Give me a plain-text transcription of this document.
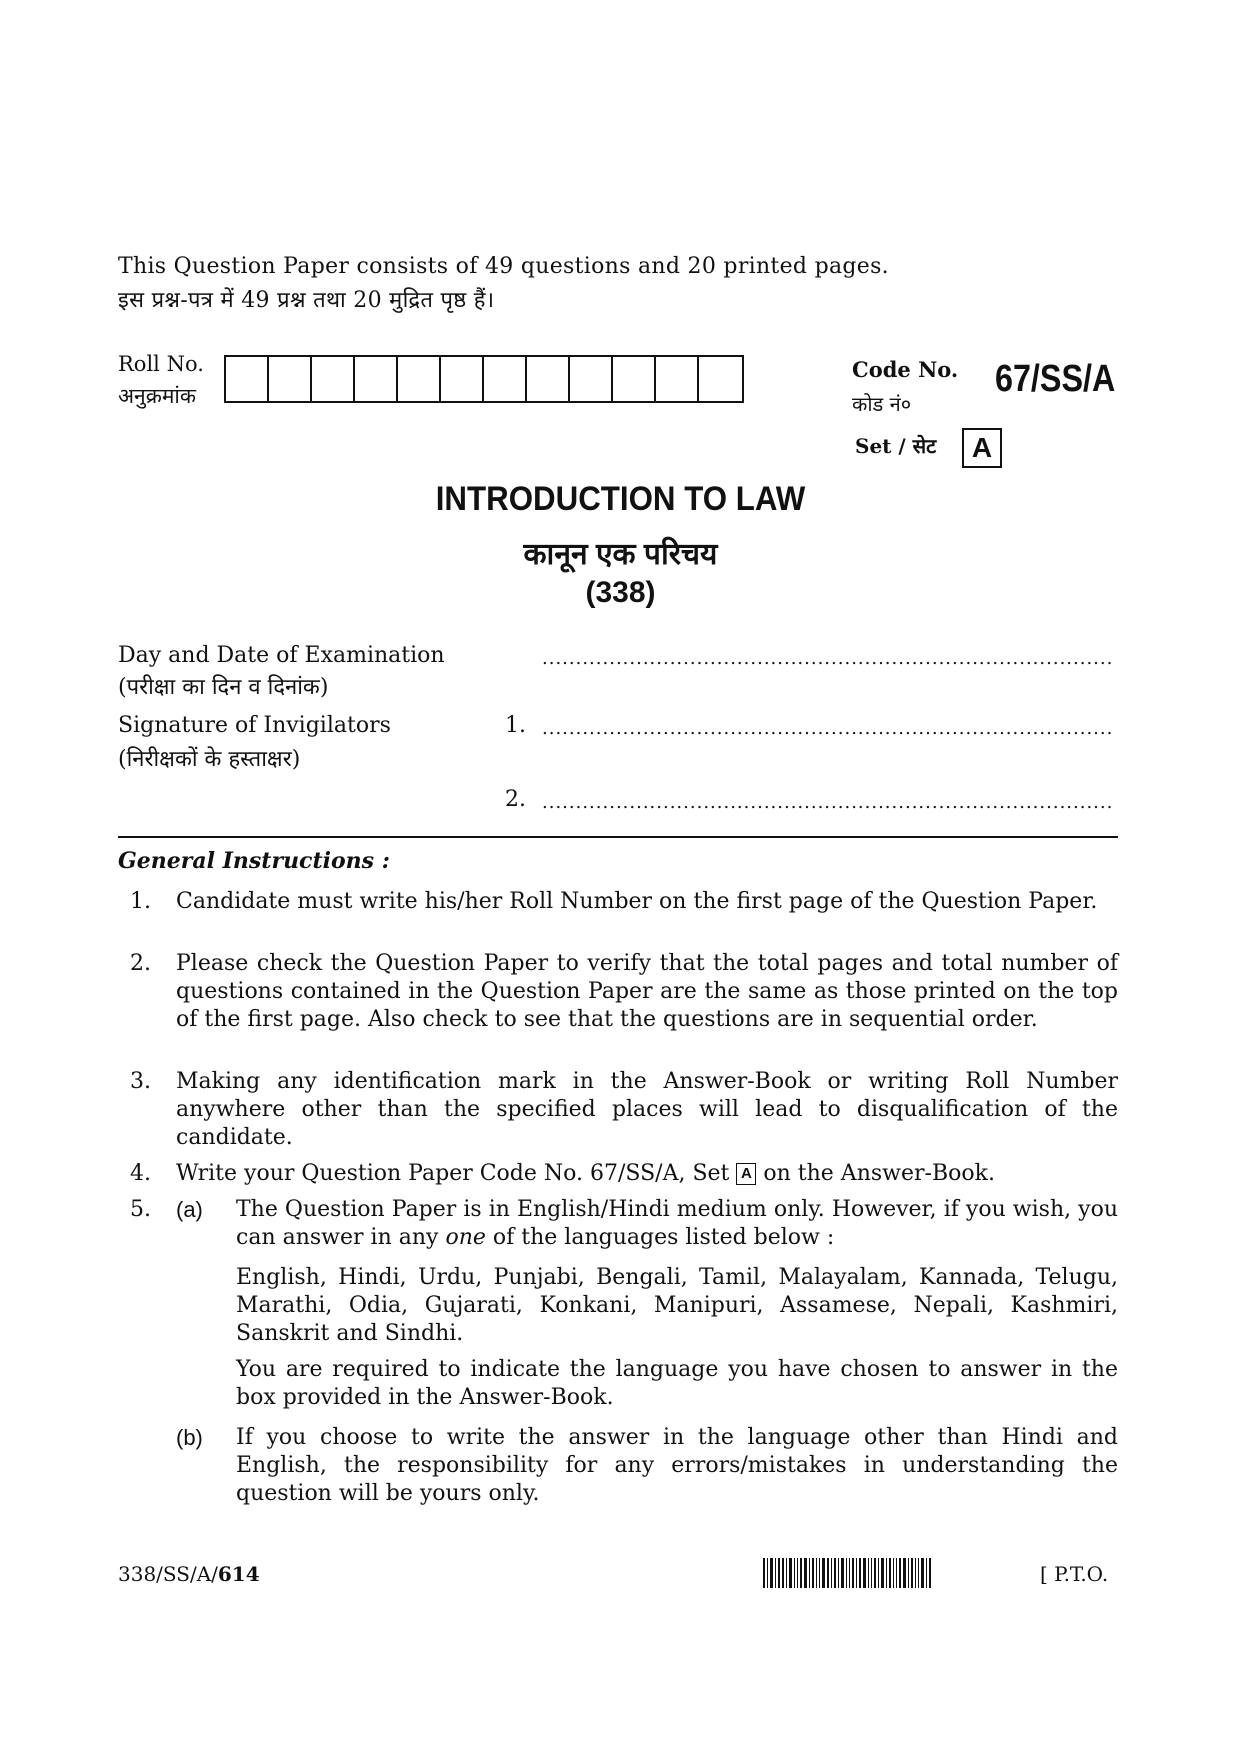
This Question Paper consists of 49 questions and 20 printed pages.
इस प्रश्न-पत्र में 49 प्रश्न तथा 20 मुद्रित पृष्ठ हैं।
Roll No.
अनुक्रमांक
Code No.
कोड नं०
67/SS/A
Set / सेट A
INTRODUCTION TO LAW
कानून एक परिचय
(338)
Day and Date of Examination
(परीक्षा का दिन व दिनांक)
.....................................................................................
Signature of Invigilators
(निरीक्षकों के हस्ताक्षर)
1. .....................................................................................
2. .....................................................................................
General Instructions :
1. Candidate must write his/her Roll Number on the first page of the Question Paper.
2. Please check the Question Paper to verify that the total pages and total number of questions contained in the Question Paper are the same as those printed on the top of the first page. Also check to see that the questions are in sequential order.
3. Making any identification mark in the Answer-Book or writing Roll Number anywhere other than the specified places will lead to disqualification of the candidate.
4. Write your Question Paper Code No. 67/SS/A, Set A on the Answer-Book.
5. (a) The Question Paper is in English/Hindi medium only. However, if you wish, you can answer in any one of the languages listed below :
English, Hindi, Urdu, Punjabi, Bengali, Tamil, Malayalam, Kannada, Telugu, Marathi, Odia, Gujarati, Konkani, Manipuri, Assamese, Nepali, Kashmiri, Sanskrit and Sindhi.
You are required to indicate the language you have chosen to answer in the box provided in the Answer-Book.
(b) If you choose to write the answer in the language other than Hindi and English, the responsibility for any errors/mistakes in understanding the question will be yours only.
338/SS/A/614	[ P.T.O.
